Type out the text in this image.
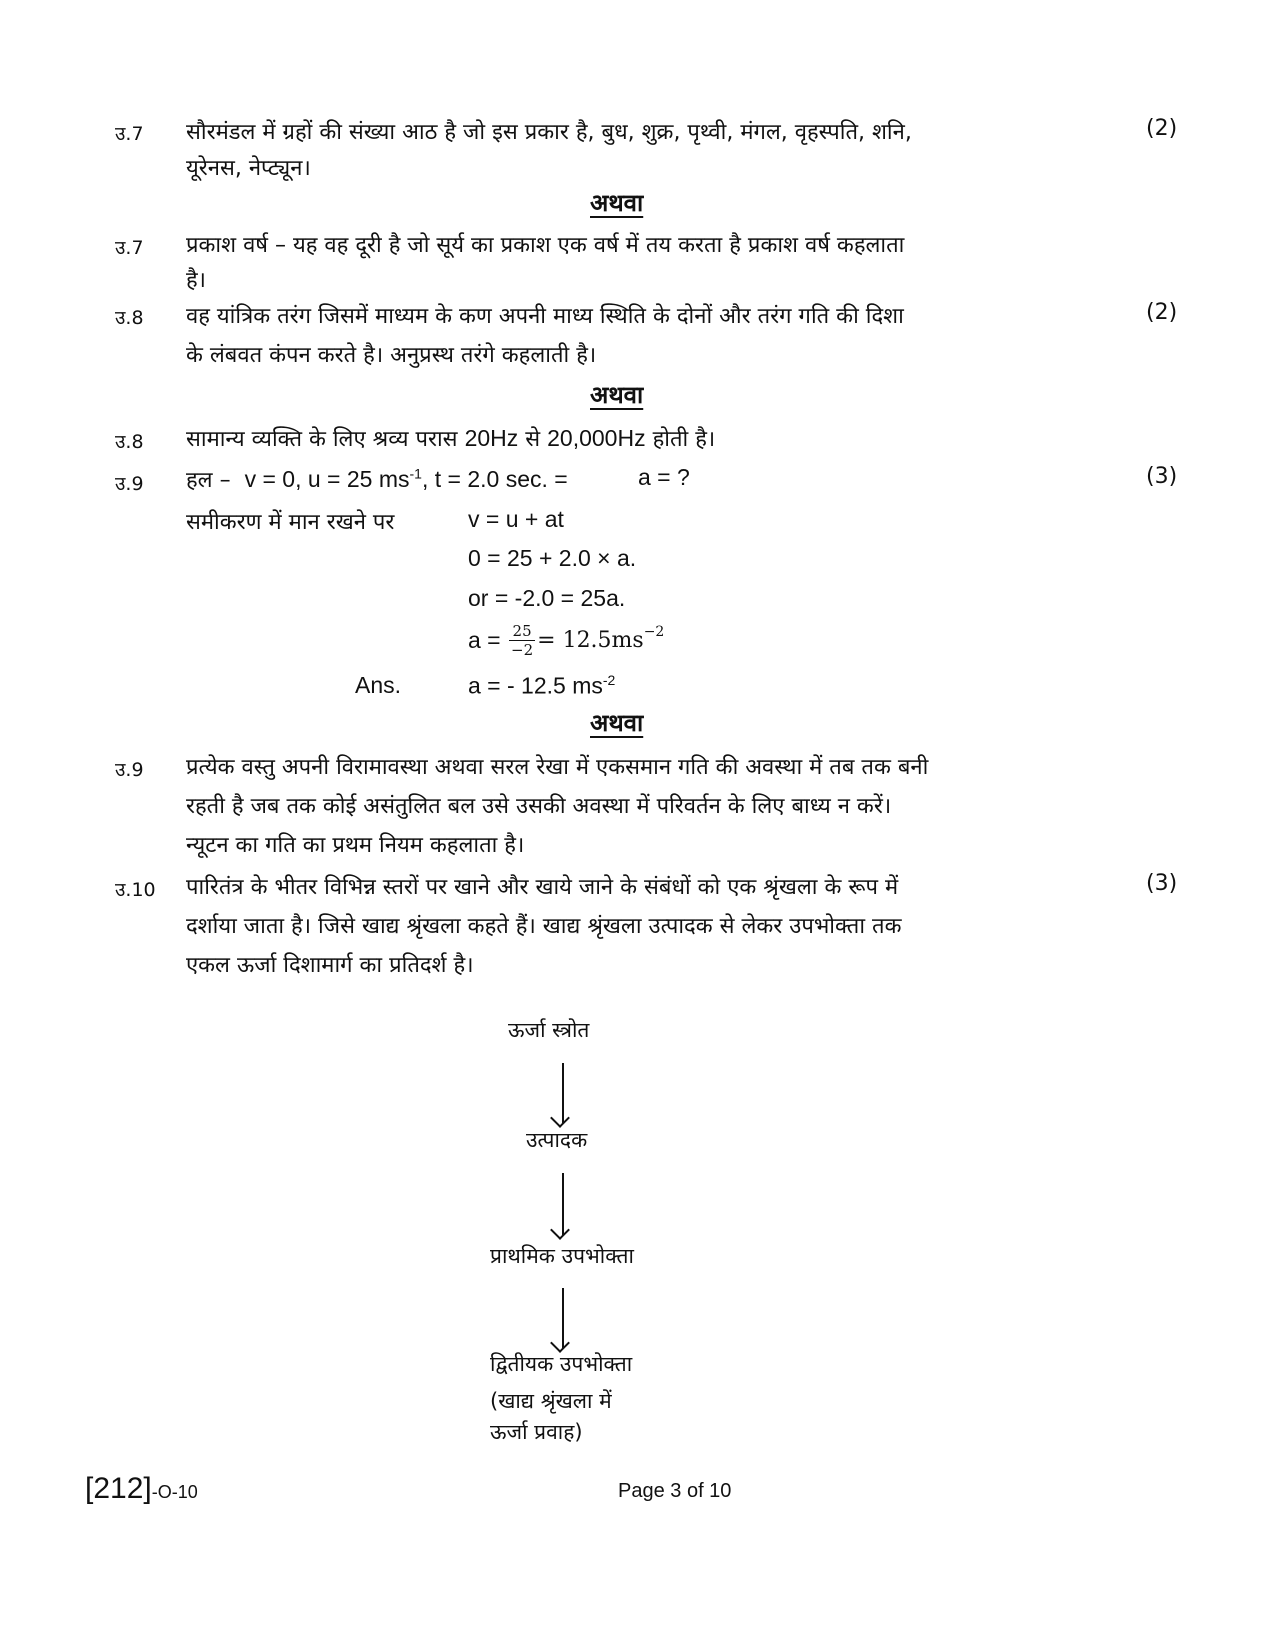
उ.7 सौरमंडल में ग्रहों की संख्या आठ है जो इस प्रकार है, बुध, शुक्र, पृथ्वी, मंगल, वृहस्पति, शनि,
यूरेनस, नेप्ट्यून।
(2)
अथवा
उ.7 प्रकाश वर्ष – यह वह दूरी है जो सूर्य का प्रकाश एक वर्ष में तय करता है प्रकाश वर्ष कहलाता
है।
उ.8 वह यांत्रिक तरंग जिसमें माध्यम के कण अपनी माध्य स्थिति के दोनों और तरंग गति की दिशा
के लंबवत कंपन करते है। अनुप्रस्थ तरंगे कहलाती है।
(2)
अथवा
उ.8 सामान्य व्यक्ति के लिए श्रव्य परास 20Hz से 20,000Hz होती है।
उ.9 हल – v = 0, u = 25 $ms^{-1}$, t = 2.0 sec. =	a = ?	(3)
समीकरण में मान रखने पर	v = u + at
0 = 25 + 2.0 × a.
or = -2.0 = 25a.
a =
$\frac{25}{-2} = 12.5ms^{-2}$
Ans.	a = - 12.5 $ms^{-2}$
अथवा
उ.9 प्रत्येक वस्तु अपनी विरामावस्था अथवा सरल रेखा में एकसमान गति की अवस्था में तब तक बनी
रहती है जब तक कोई असंतुलित बल उसे उसकी अवस्था में परिवर्तन के लिए बाध्य न करें।
न्यूटन का गति का प्रथम नियम कहलाता है।
उ.10 पारितंत्र के भीतर विभिन्न स्तरों पर खाने और खाये जाने के संबंधों को एक श्रृंखला के रूप में
दर्शाया जाता है। जिसे खाद्य श्रृंखला कहते हैं। खाद्य श्रृंखला उत्पादक से लेकर उपभोक्ता तक
एकल ऊर्जा दिशामार्ग का प्रतिदर्श है।
(3)
ऊर्जा स्त्रोत
उत्पादक
प्राथमिक उपभोक्ता
द्वितीयक उपभोक्ता
(खाद्य श्रृंखला में
ऊर्जा प्रवाह)
[212]-O-10	Page 3 of 10
